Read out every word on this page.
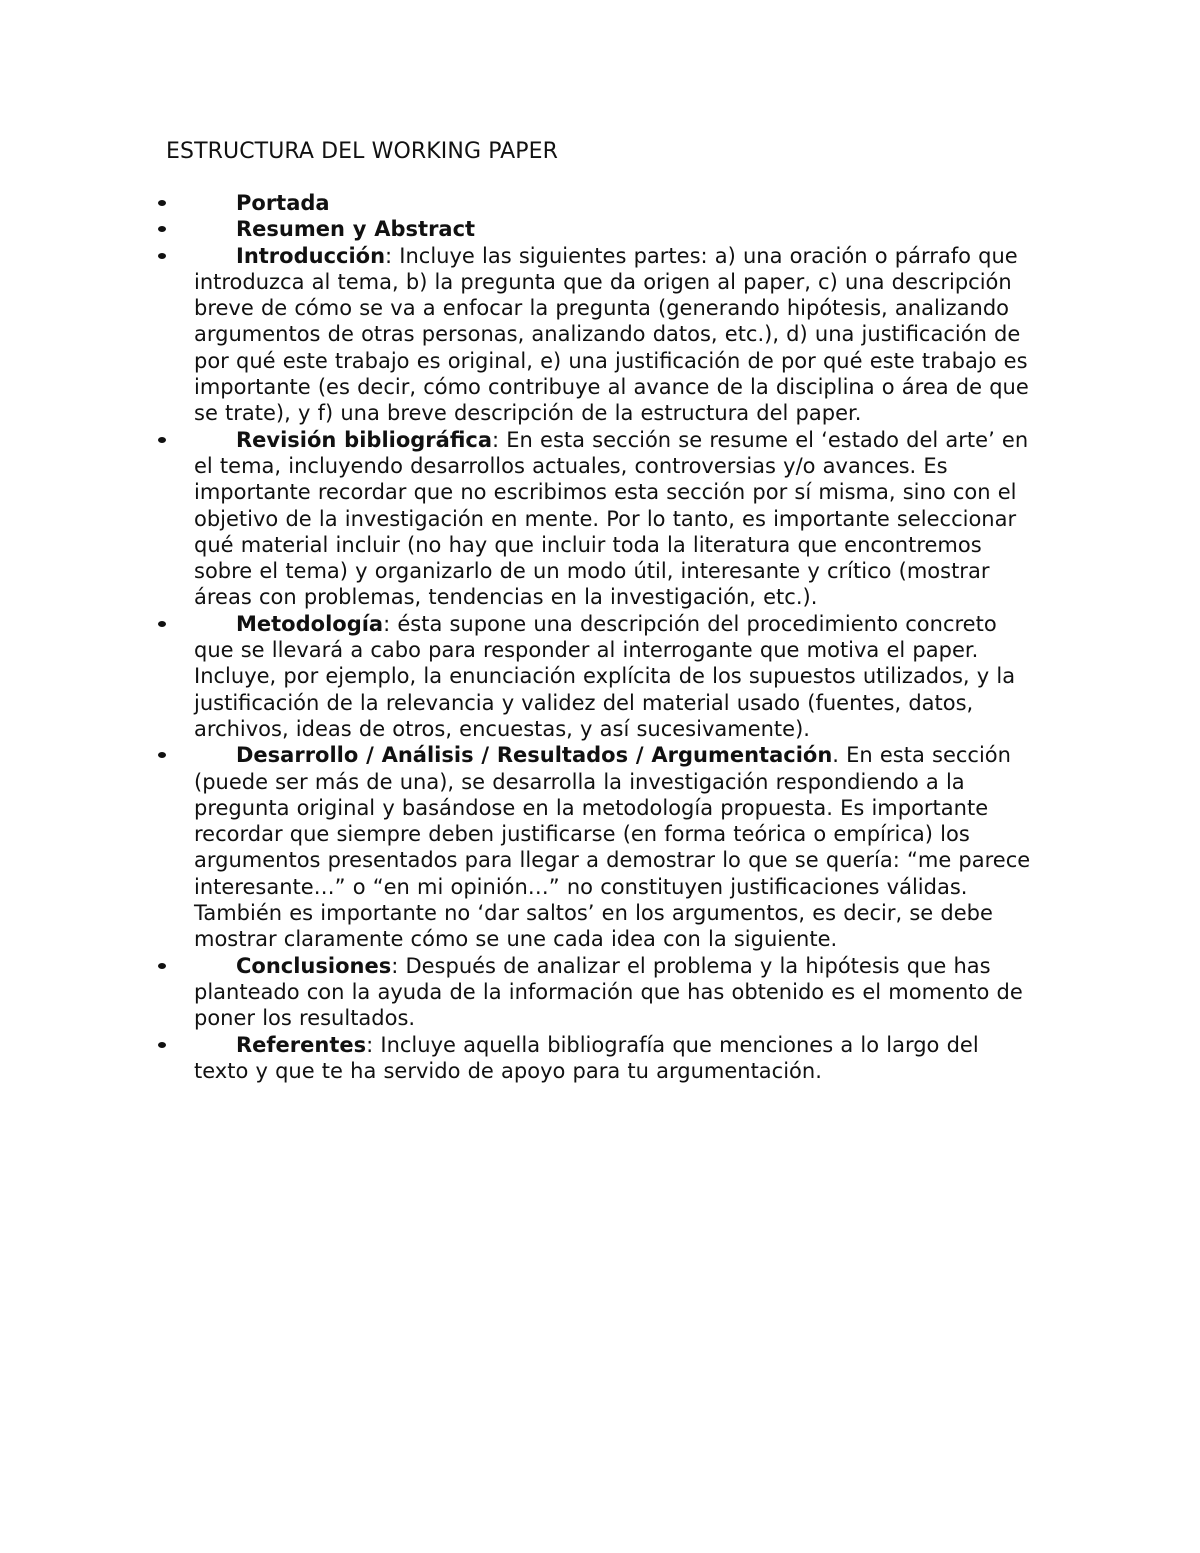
ESTRUCTURA DEL WORKING PAPER
Portada
Resumen y Abstract
Introducción: Incluye las siguientes partes: a) una oración o párrafo que introduzca al tema, b) la pregunta que da origen al paper, c) una descripción breve de cómo se va a enfocar la pregunta (generando hipótesis, analizando argumentos de otras personas, analizando datos, etc.), d) una justificación de por qué este trabajo es original, e) una justificación de por qué este trabajo es importante (es decir, cómo contribuye al avance de la disciplina o área de que se trate), y f) una breve descripción de la estructura del paper.
Revisión bibliográfica: En esta sección se resume el ‘estado del arte’ en el tema, incluyendo desarrollos actuales, controversias y/o avances. Es importante recordar que no escribimos esta sección por sí misma, sino con el objetivo de la investigación en mente. Por lo tanto, es importante seleccionar qué material incluir (no hay que incluir toda la literatura que encontremos sobre el tema) y organizarlo de un modo útil, interesante y crítico (mostrar áreas con problemas, tendencias en la investigación, etc.).
Metodología: ésta supone una descripción del procedimiento concreto que se llevará a cabo para responder al interrogante que motiva el paper. Incluye, por ejemplo, la enunciación explícita de los supuestos utilizados, y la justificación de la relevancia y validez del material usado (fuentes, datos, archivos, ideas de otros, encuestas, y así sucesivamente).
Desarrollo / Análisis / Resultados / Argumentación. En esta sección (puede ser más de una), se desarrolla la investigación respondiendo a la pregunta original y basándose en la metodología propuesta. Es importante recordar que siempre deben justificarse (en forma teórica o empírica) los argumentos presentados para llegar a demostrar lo que se quería: “me parece interesante…” o “en mi opinión…” no constituyen justificaciones válidas. También es importante no ‘dar saltos’ en los argumentos, es decir, se debe mostrar claramente cómo se une cada idea con la siguiente.
Conclusiones: Después de analizar el problema y la hipótesis que has planteado con la ayuda de la información que has obtenido es el momento de poner los resultados.
Referentes: Incluye aquella bibliografía que menciones a lo largo del texto y que te ha servido de apoyo para tu argumentación.
